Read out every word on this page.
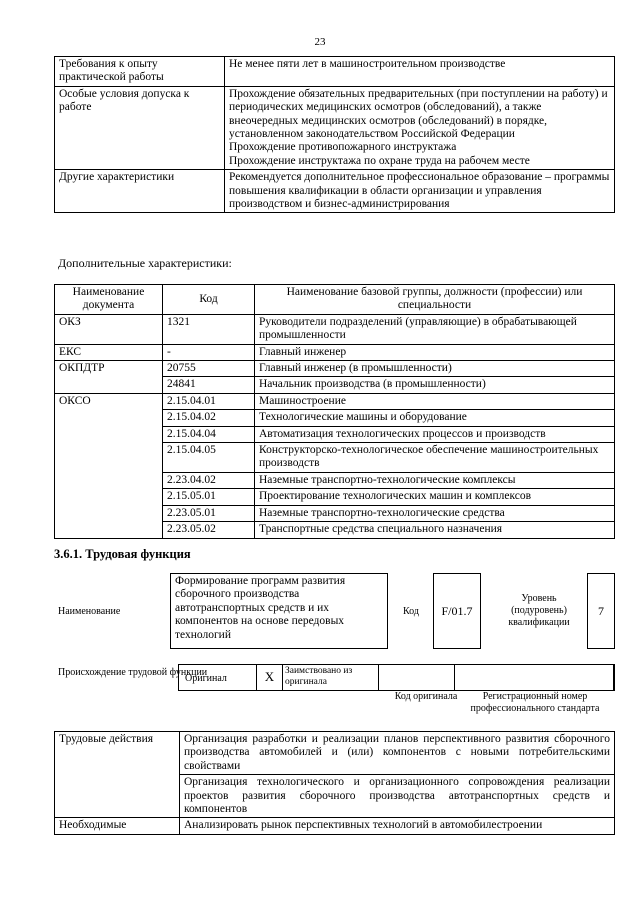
23
Требования к опыту практической работы	Не менее пяти лет в машиностроительном производстве
Особые условия допуска к работе	Прохождение обязательных предварительных (при поступлении на работу) и периодических медицинских осмотров (обследований), а также внеочередных медицинских осмотров (обследований) в порядке, установленном законодательством Российской Федерации
Прохождение противопожарного инструктажа
Прохождение инструктажа по охране труда на рабочем месте
Другие характеристики	Рекомендуется дополнительное профессиональное образование – программы повышения квалификации в области организации и управления производством и бизнес-администрирования
Дополнительные характеристики:
Наименование документа	Код	Наименование базовой группы, должности (профессии) или специальности
ОКЗ	1321	Руководители подразделений (управляющие) в обрабатывающей промышленности
ЕКС	-	Главный инженер
ОКПДТР	20755	Главный инженер (в промышленности)
	24841	Начальник производства (в промышленности)
ОКСО	2.15.04.01	Машиностроение
	2.15.04.02	Технологические машины и оборудование
	2.15.04.04	Автоматизация технологических процессов и производств
	2.15.04.05	Конструкторско-технологическое обеспечение машиностроительных производств
	2.23.04.02	Наземные транспортно-технологические комплексы
	2.15.05.01	Проектирование технологических машин и комплексов
	2.23.05.01	Наземные транспортно-технологические средства
	2.23.05.02	Транспортные средства специального назначения
3.6.1. Трудовая функция
Наименование
Формирование программ развития сборочного производства автотранспортных средств и их компонентов на основе передовых технологий
Код	F/01.7
Уровень (подуровень) квалификации
7
Происхождение трудовой функции
Оригинал	X	Заимствовано из оригинала
Код оригинала	Регистрационный номер профессионального стандарта
Трудовые действия	Организация разработки и реализации планов перспективного развития сборочного производства автомобилей и (или) компонентов с новыми потребительскими свойствами
	Организация технологического и организационного сопровождения реализации проектов развития сборочного производства автотранспортных средств и компонентов
Необходимые	Анализировать рынок перспективных технологий в автомобилестроении
